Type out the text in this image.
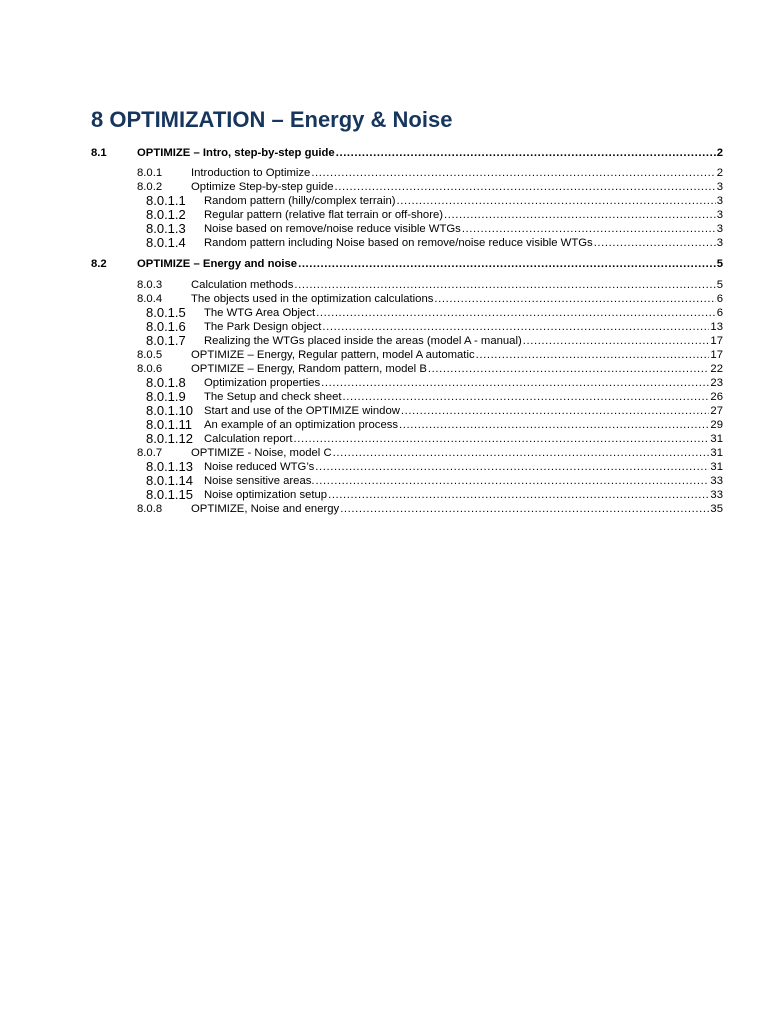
8 OPTIMIZATION – Energy & Noise
8.1	OPTIMIZE – Intro, step-by-step guide .....	2
8.0.1	Introduction to Optimize .....	2
8.0.2	Optimize Step-by-step guide .....	3
8.0.1.1 Random pattern (hilly/complex terrain) .....	3
8.0.1.2 Regular pattern (relative flat terrain or off-shore) .....	3
8.0.1.3 Noise based on remove/noise reduce visible WTGs .....	3
8.0.1.4 Random pattern including Noise based on remove/noise reduce visible WTGs .....	3
8.2	OPTIMIZE – Energy and noise .....	5
8.0.3	Calculation methods .....	5
8.0.4	The objects used in the optimization calculations .....	6
8.0.1.5 The WTG Area Object .....	6
8.0.1.6 The Park Design object .....	13
8.0.1.7 Realizing the WTGs placed inside the areas (model A - manual) .....	17
8.0.5	OPTIMIZE – Energy, Regular pattern, model A automatic .....	17
8.0.6	OPTIMIZE – Energy, Random pattern, model B .....	22
8.0.1.8 Optimization properties .....	23
8.0.1.9 The Setup and check sheet .....	26
8.0.1.10 Start and use of the OPTIMIZE window .....	27
8.0.1.11 An example of an optimization process .....	29
8.0.1.12 Calculation report .....	31
8.0.7	OPTIMIZE - Noise, model C .....	31
8.0.1.13 Noise reduced WTG’s .....	31
8.0.1.14 Noise sensitive areas. .....	33
8.0.1.15 Noise optimization setup .....	33
8.0.8	OPTIMIZE, Noise and energy .....	35
